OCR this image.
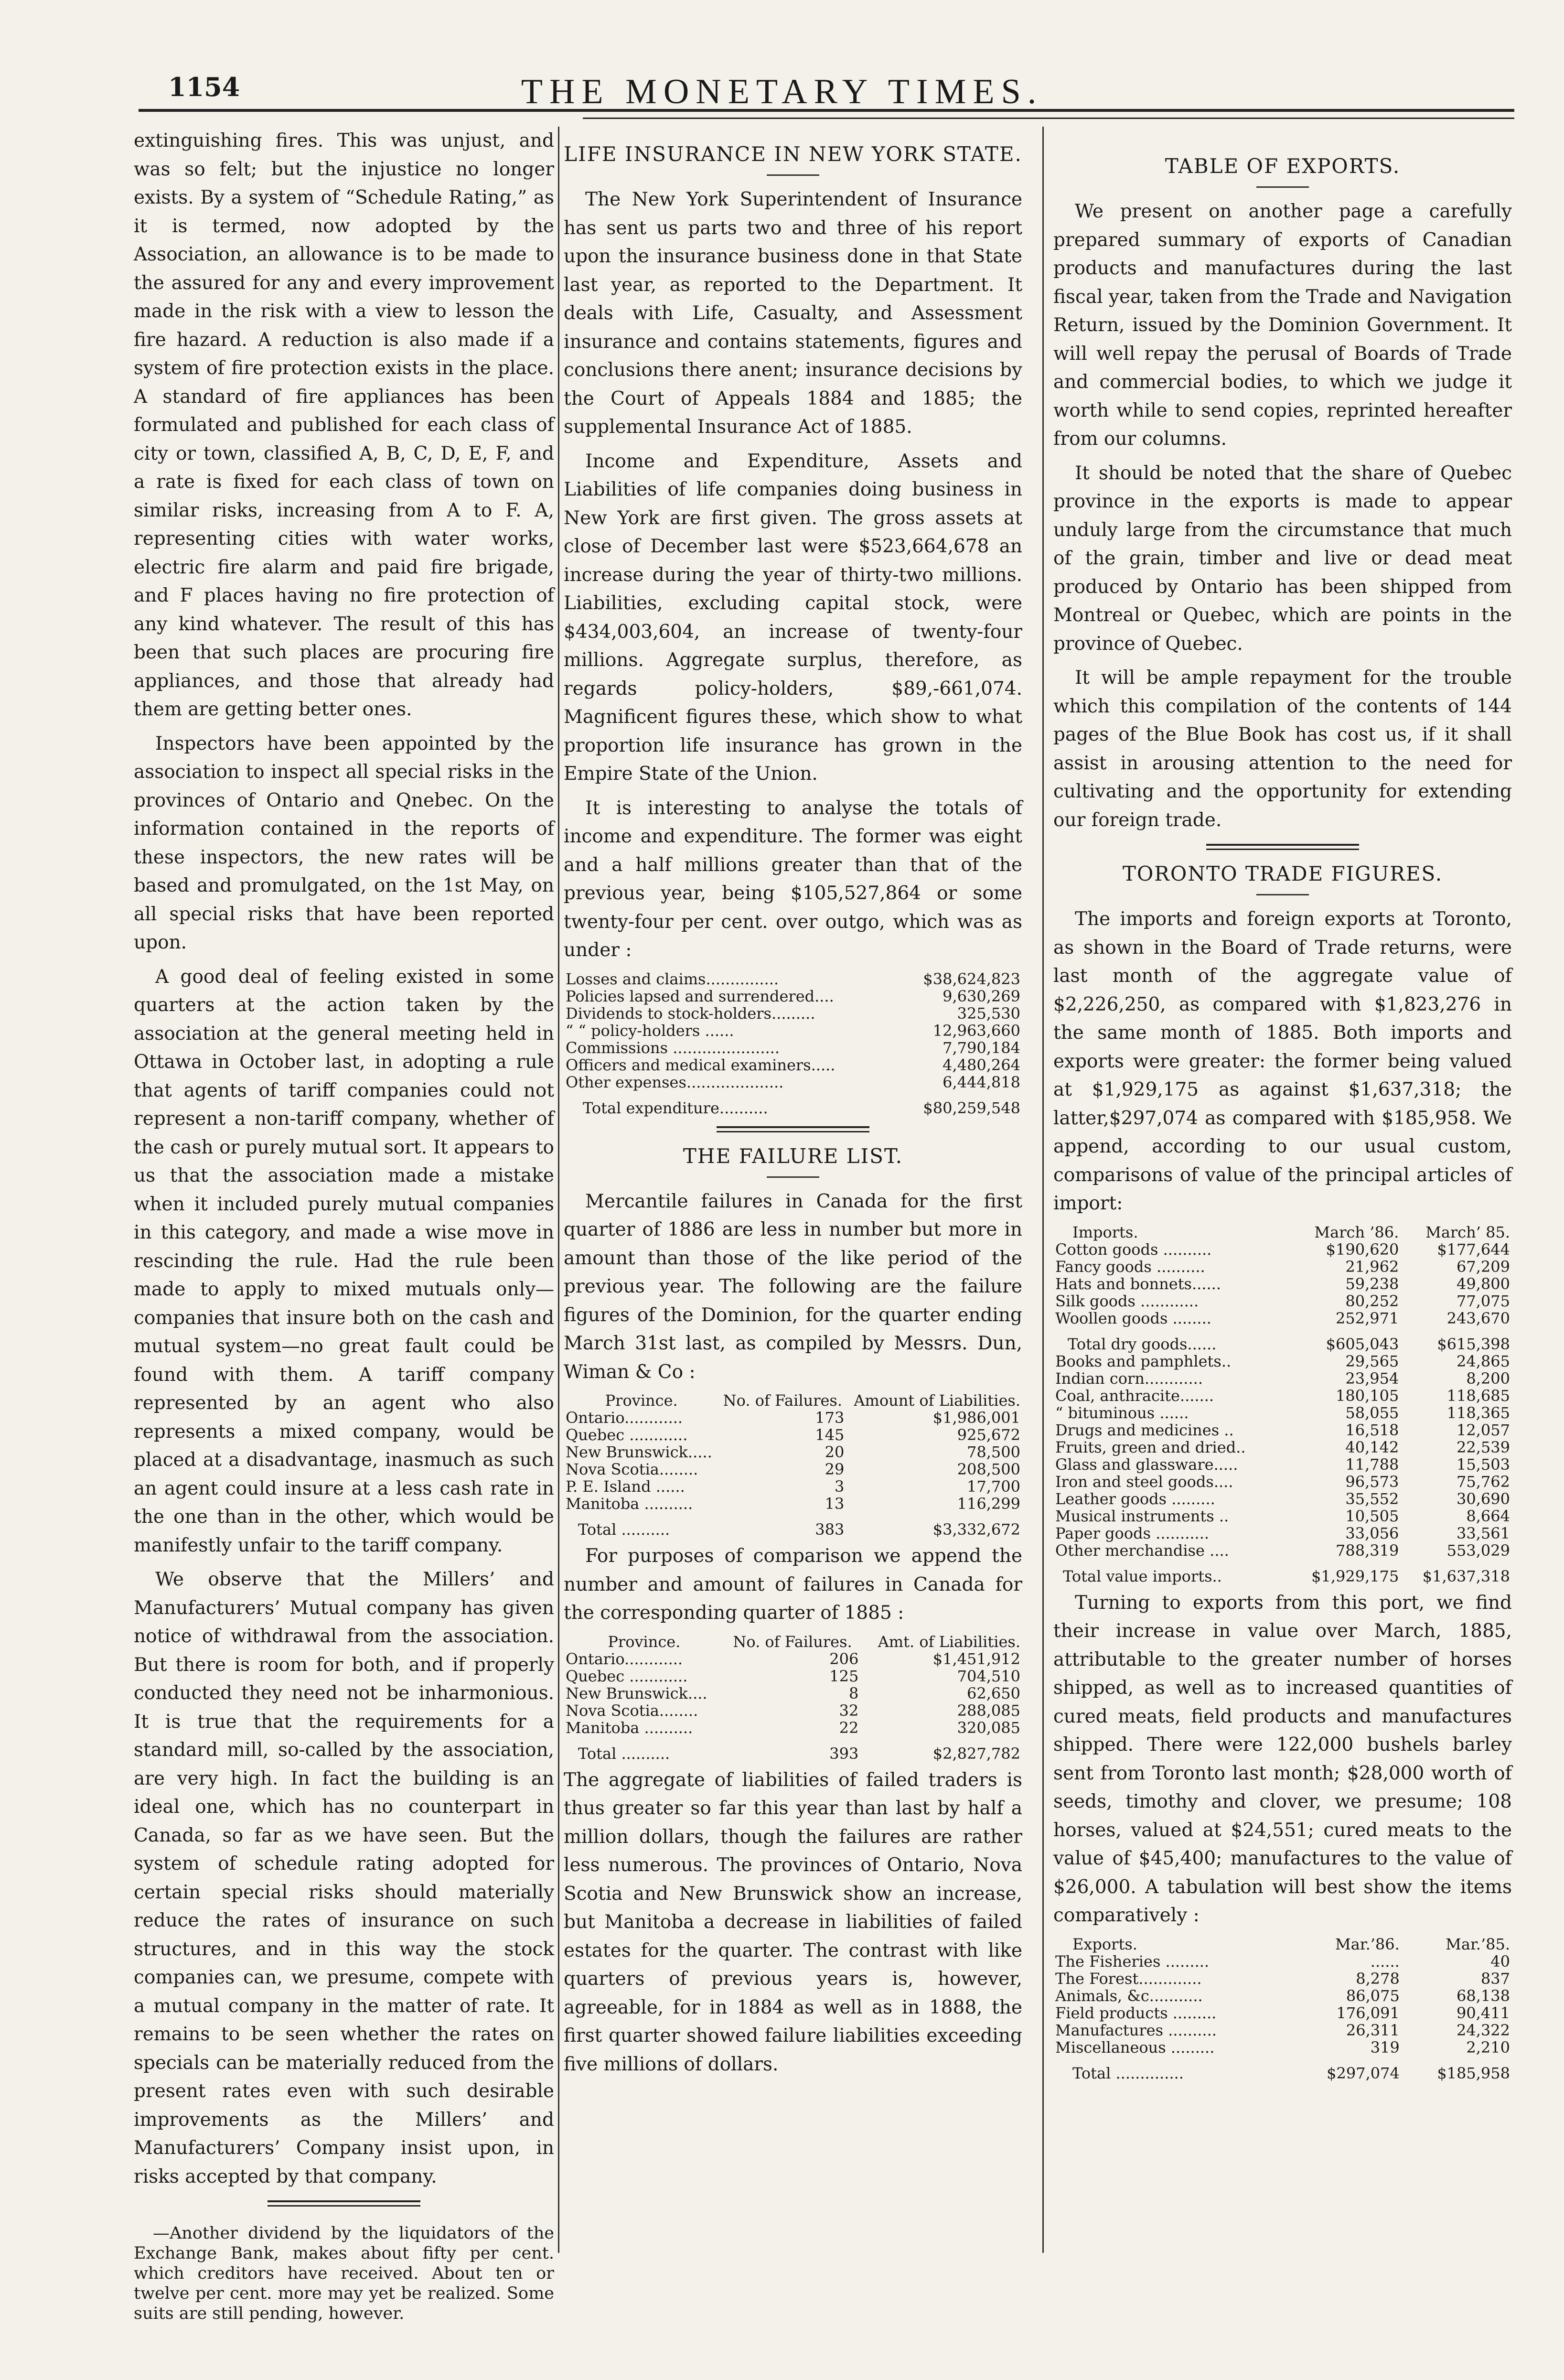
1154	THE MONETARY TIMES.

extinguishing fires. This was unjust, and was so felt; but the injustice no longer exists. By a system of “Schedule Rating,” as it is termed, now adopted by the Association, an allowance is to be made to the assured for any and every improvement made in the risk with a view to lesson the fire hazard. A reduction is also made if a system of fire protection exists in the place. A standard of fire appliances has been formulated and published for each class of city or town, classified A, B, C, D, E, F, and a rate is fixed for each class of town on similar risks, increasing from A to F. A, representing cities with water works, electric fire alarm and paid fire brigade, and F places having no fire protection of any kind whatever. The result of this has been that such places are procuring fire appliances, and those that already had them are getting better ones.

Inspectors have been appointed by the association to inspect all special risks in the provinces of Ontario and Qnebec. On the information contained in the reports of these inspectors, the new rates will be based and promulgated, on the 1st May, on all special risks that have been reported upon.

A good deal of feeling existed in some quarters at the action taken by the association at the general meeting held in Ottawa in October last, in adopting a rule that agents of tariff companies could not represent a non-tariff company, whether of the cash or purely mutual sort. It appears to us that the association made a mistake when it included purely mutual companies in this category, and made a wise move in rescinding the rule. Had the rule been made to apply to mixed mutuals only—companies that insure both on the cash and mutual system—no great fault could be found with them. A tariff company represented by an agent who also represents a mixed company, would be placed at a disadvantage, inasmuch as such an agent could insure at a less cash rate in the one than in the other, which would be manifestly unfair to the tariff company.

We observe that the Millers’ and Manufacturers’ Mutual company has given notice of withdrawal from the association. But there is room for both, and if properly conducted they need not be inharmonious. It is true that the requirements for a standard mill, so-called by the association, are very high. In fact the building is an ideal one, which has no counterpart in Canada, so far as we have seen. But the system of schedule rating adopted for certain special risks should materially reduce the rates of insurance on such structures, and in this way the stock companies can, we presume, compete with a mutual company in the matter of rate. It remains to be seen whether the rates on specials can be materially reduced from the present rates even with such desirable improvements as the Millers’ and Manufacturers’ Company insist upon, in risks accepted by that company.

—Another dividend by the liquidators of the Exchange Bank, makes about fifty per cent. which creditors have received. About ten or twelve per cent. more may yet be realized. Some suits are still pending, however.

LIFE INSURANCE IN NEW YORK STATE.

The New York Superintendent of Insurance has sent us parts two and three of his report upon the insurance business done in that State last year, as reported to the Department. It deals with Life, Casualty, and Assessment insurance and contains statements, figures and conclusions there anent; insurance decisions by the Court of Appeals 1884 and 1885; the supplemental Insurance Act of 1885.

Income and Expenditure, Assets and Liabilities of life companies doing business in New York are first given. The gross assets at close of December last were $523,664,678 an increase during the year of thirty-two millions. Liabilities, excluding capital stock, were $434,003,604, an increase of twenty-four millions. Aggregate surplus, therefore, as regards policy-holders, $89,-661,074. Magnificent figures these, which show to what proportion life insurance has grown in the Empire State of the Union.

It is interesting to analyse the totals of income and expenditure. The former was eight and a half millions greater than that of the previous year, being $105,527,864 or some twenty-four per cent. over outgo, which was as under :

Losses and claims...............	$38,624,823
Policies lapsed and surrendered....	9,630,269
Dividends to stock-holders.........	325,530
“ “ policy-holders ......	12,963,660
Commissions ......................	7,790,184
Officers and medical examiners.....	4,480,264
Other expenses....................	6,444,818
Total expenditure..........	$80,259,548
THE FAILURE LIST.

Mercantile failures in Canada for the first quarter of 1886 are less in number but more in amount than those of the like period of the previous year. The following are the failure figures of the Dominion, for the quarter ending March 31st last, as compiled by Messrs. Dun, Wiman & Co :

Province.	No. of Failures.	Amount of Liabilities.
Ontario............	173	$1,986,001
Quebec ............	145	925,672
New Brunswick.....	20	78,500
Nova Scotia........	29	208,500
P. E. Island ......	3	17,700
Manitoba ..........	13	116,299
Total ..........	383	$3,332,672

For purposes of comparison we append the number and amount of failures in Canada for the corresponding quarter of 1885 :

Province.	No. of Failures.	Amt. of Liabilities.
Ontario............	206	$1,451,912
Quebec ............	125	704,510
New Brunswick....	8	62,650
Nova Scotia........	32	288,085
Manitoba ..........	22	320,085
Total ..........	393	$2,827,782

The aggregate of liabilities of failed traders is thus greater so far this year than last by half a million dollars, though the failures are rather less numerous. The provinces of Ontario, Nova Scotia and New Brunswick show an increase, but Manitoba a decrease in liabilities of failed estates for the quarter. The contrast with like quarters of previous years is, however, agreeable, for in 1884 as well as in 1888, the first quarter showed failure liabilities exceeding five millions of dollars.

TABLE OF EXPORTS.

We present on another page a carefully prepared summary of exports of Canadian products and manufactures during the last fiscal year, taken from the Trade and Navigation Return, issued by the Dominion Government. It will well repay the perusal of Boards of Trade and commercial bodies, to which we judge it worth while to send copies, reprinted hereafter from our columns.

It should be noted that the share of Quebec province in the exports is made to appear unduly large from the circumstance that much of the grain, timber and live or dead meat produced by Ontario has been shipped from Montreal or Quebec, which are points in the province of Quebec.

It will be ample repayment for the trouble which this compilation of the contents of 144 pages of the Blue Book has cost us, if it shall assist in arousing attention to the need for cultivating and the opportunity for extending our foreign trade.

TORONTO TRADE FIGURES.

The imports and foreign exports at Toronto, as shown in the Board of Trade returns, were last month of the aggregate value of $2,226,250, as compared with $1,823,276 in the same month of 1885. Both imports and exports were greater: the former being valued at $1,929,175 as against $1,637,318; the latter,$297,074 as compared with $185,958. We append, according to our usual custom, comparisons of value of the principal articles of import:

Imports.	March ’86.	March’ 85.
Cotton goods ..........	$190,620	$177,644
Fancy goods ..........	21,962	67,209
Hats and bonnets......	59,238	49,800
Silk goods ............	80,252	77,075
Woollen goods ........	252,971	243,670
Total dry goods......	$605,043	$615,398
Books and pamphlets..	29,565	24,865
Indian corn............	23,954	8,200
Coal, anthracite.......	180,105	118,685
“ bituminous ......	58,055	118,365
Drugs and medicines ..	16,518	12,057
Fruits, green and dried..	40,142	22,539
Glass and glassware.....	11,788	15,503
Iron and steel goods....	96,573	75,762
Leather goods .........	35,552	30,690
Musical instruments ..	10,505	8,664
Paper goods ...........	33,056	33,561
Other merchandise ....	788,319	553,029
Total value imports..	$1,929,175	$1,637,318

Turning to exports from this port, we find their increase in value over March, 1885, attributable to the greater number of horses shipped, as well as to increased quantities of cured meats, field products and manufactures shipped. There were 122,000 bushels barley sent from Toronto last month; $28,000 worth of seeds, timothy and clover, we presume; 108 horses, valued at $24,551; cured meats to the value of $45,400; manufactures to the value of $26,000. A tabulation will best show the items comparatively :

Exports.	Mar.’86.	Mar.’85.
The Fisheries .........	......	40
The Forest.............	8,278	837
Animals, &c...........	86,075	68,138
Field products .........	176,091	90,411
Manufactures ..........	26,311	24,322
Miscellaneous .........	319	2,210
Total ..............	$297,074	$185,958
